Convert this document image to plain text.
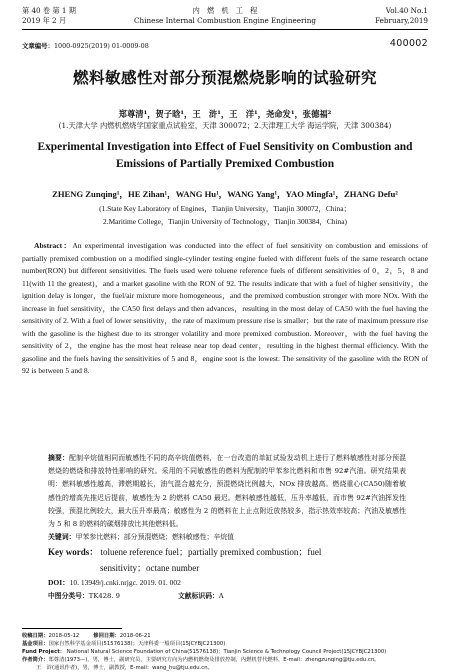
第 40 卷 第 1 期
2019 年 2 月
内　燃　机　工　程
Chinese Internal Combustion Engine Engineering
Vol.40 No.1
February,2019
文章编号：1000-0925(2019) 01-0009-08	400002
燃料敏感性对部分预混燃烧影响的试验研究
郑尊清¹，贺子晗¹，王　浒¹，王　洋¹，尧命发¹，张德福²
(1.天津大学 内燃机燃烧学国家重点试验室，天津 300072；2.天津理工大学 海运学院，天津 300384)
Experimental Investigation into Effect of Fuel Sensitivity on Combustion and Emissions of Partially Premixed Combustion
ZHENG Zunqing¹，HE Zihan¹，WANG Hu¹，WANG Yang¹，YAO Mingfa¹，ZHANG Defu²
(1.State Key Laboratory of Engines，Tianjin University，Tianjin 300072，China；
2.Maritime College，Tianjin University of Technology，Tianjin 300384，China)
Abstract：An experimental investigation was conducted into the effect of fuel sensitivity on combustion and emissions of partially premixed combustion on a modified single-cylinder testing engine fueled with different fuels of the same research octane number(RON) but different sensitivities. The fuels used were toluene reference fuels of different sensitivities of 0，2，5，8 and 11(with 11 the greatest)，and a market gasoline with the RON of 92. The results indicate that with a fuel of higher sensitivity，the ignition delay is longer，the fuel/air mixture more homogeneous，and the premixed combustion stronger with more NOx. With the increase in fuel sensitivity，the CA50 first delays and then advances，resulting in the most delay of CA50 with the fuel having the sensitivity of 2. With a fuel of lower sensitivity，the rate of maximum pressure rise is smaller；but the rate of maximum pressure rise with the gasoline is the highest due to its stronger volatility and more premixed combustion. Moreover，with the fuel having the sensitivity of 2，the engine has the most heat release near top dead center，resulting in the highest thermal efficiency. With the gasoline and the fuels having the sensitivities of 5 and 8，engine soot is the lowest. The sensitivity of the gasoline with the RON of 92 is between 5 and 8.

摘要：配制辛烷值相同而敏感性不同的高辛烷值燃料，在一台改造的单缸试验发动机上进行了燃料敏感性对部分预混燃烧的燃烧和排放特性影响的研究。采用的不同敏感性的燃料为配制的甲苯参比燃料和市售 92#汽油。研究结果表明：燃料敏感性越高，滞燃期越长，油气混合越充分，预混燃烧比例越大，NOx 排放越高。燃烧重心(CA50)随着敏感性的增高先推迟后提前，敏感性为 2 的燃料 CA50 最迟。燃料敏感性越低，压升率越低，而市售 92#汽油挥发性较强，预混比例较大，最大压升率最高；敏感性为 2 的燃料在上止点附近放热较多，指示热效率较高；汽油及敏感性为 5 和 8 的燃料的碳烟排放比其他燃料低。

关键词：甲苯参比燃料；部分预混燃烧；燃料敏感性；辛烷值

Key words： toluene reference fuel；partially premixed combustion；fuel
sensitivity；octane number

DOI：10. 13949/j.cnki.nrjgc. 2019. 01. 002

中图分类号：TK428. 9	文献标识码：A

收稿日期：2018-05-12	修回日期：2018-06-21

基金项目：国家自然科学基金项目(51576138)；天津科委一般项目(15JCYBJC21300)

Fund Project： National Natural Science Foundation of China(51576138)；Tianjin Science & Technology Council Project(15JCYBJC21300)

作者简介：郑尊清(1973—)，男，博士，副研究员，主要研究方向为内燃机燃烧及排放控制，内燃机替代燃料，E-mail：zhengzunqing@tju.edu.cn。

王　浒(通讯作者)，男，博士，副教授，E-mail：wang_hu@tju.edu.cn。
